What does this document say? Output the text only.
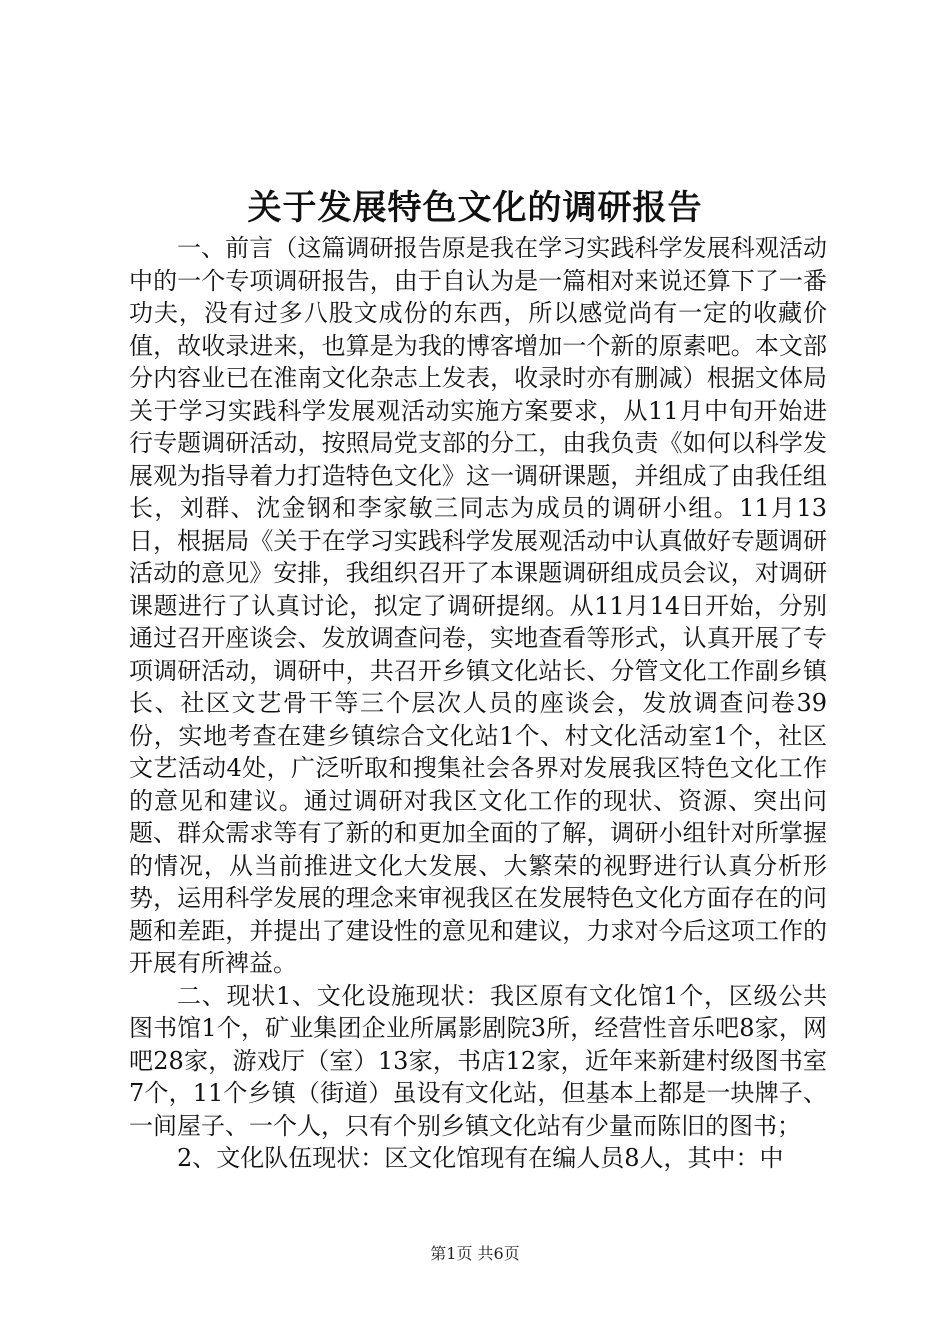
关于发展特色文化的调研报告

一、前言（这篇调研报告原是我在学习实践科学发展科观活动中的一个专项调研报告，由于自认为是一篇相对来说还算下了一番功夫，没有过多八股文成份的东西，所以感觉尚有一定的收藏价值，故收录进来，也算是为我的博客增加一个新的原素吧。本文部分内容业已在淮南文化杂志上发表，收录时亦有删减）根据文体局关于学习实践科学发展观活动实施方案要求，从11月中旬开始进行专题调研活动，按照局党支部的分工，由我负责《如何以科学发展观为指导着力打造特色文化》这一调研课题，并组成了由我任组长，刘群、沈金钢和李家敏三同志为成员的调研小组。11月13日，根据局《关于在学习实践科学发展观活动中认真做好专题调研活动的意见》安排，我组织召开了本课题调研组成员会议，对调研课题进行了认真讨论，拟定了调研提纲。从11月14日开始，分别通过召开座谈会、发放调查问卷，实地查看等形式，认真开展了专项调研活动，调研中，共召开乡镇文化站长、分管文化工作副乡镇长、社区文艺骨干等三个层次人员的座谈会，发放调查问卷39份，实地考查在建乡镇综合文化站1个、村文化活动室1个，社区文艺活动4处，广泛听取和搜集社会各界对发展我区特色文化工作的意见和建议。通过调研对我区文化工作的现状、资源、突出问题、群众需求等有了新的和更加全面的了解，调研小组针对所掌握的情况，从当前推进文化大发展、大繁荣的视野进行认真分析形势，运用科学发展的理念来审视我区在发展特色文化方面存在的问题和差距，并提出了建设性的意见和建议，力求对今后这项工作的开展有所裨益。

二、现状1、文化设施现状：我区原有文化馆1个，区级公共图书馆1个，矿业集团企业所属影剧院3所，经营性音乐吧8家，网吧28家，游戏厅（室）13家，书店12家，近年来新建村级图书室7个，11个乡镇（街道）虽设有文化站，但基本上都是一块牌子、一间屋子、一个人，只有个别乡镇文化站有少量而陈旧的图书；

2、文化队伍现状：区文化馆现有在编人员8人，其中：中

第1页 共6页
